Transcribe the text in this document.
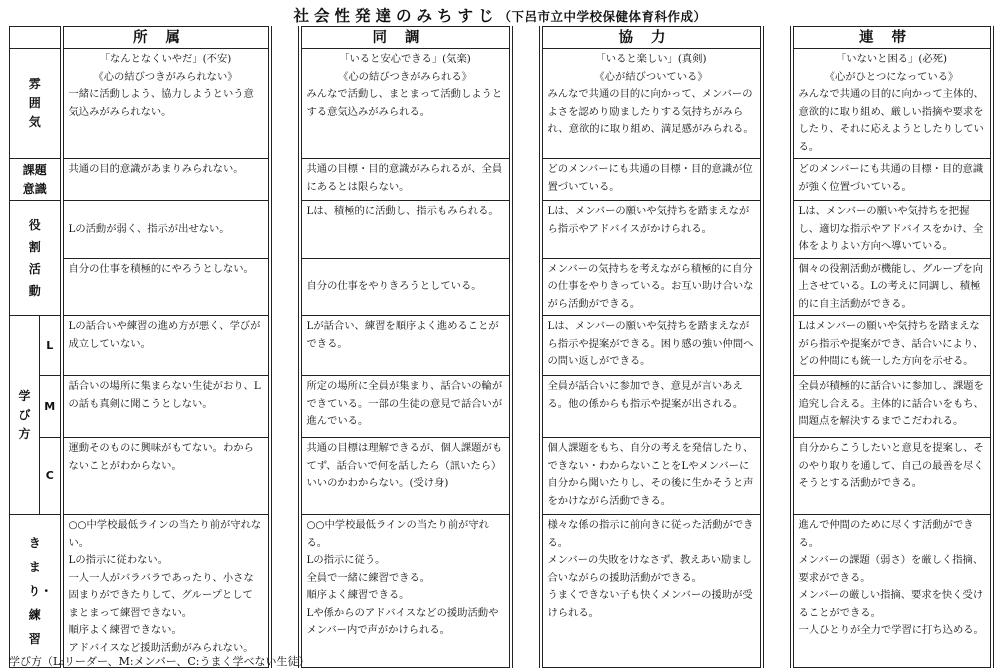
社会性発達のみちすじ（下呂市立中学校保健体育科作成）
		所属		同調		協力		連帯
雰囲気		「なんとなくいやだ」(不安)
《心の結びつきがみられない》
一緒に活動しよう、協力しようという意気込みがみられない。		「いると安心できる」(気楽)
《心の結びつきがみられる》
みんなで活動し、まとまって活動しようとする意気込みがみられる。		「いると楽しい」(真剣)
《心が結びついている》
みんなで共通の目的に向かって、メンバーのよさを認めり励ましたりする気持ちがみられ、意欲的に取り組め、満足感がみられる。		「いないと困る」(必死)
《心がひとつになっている》
みんなで共通の目的に向かって主体的、意欲的に取り組め、厳しい指摘や要求をしたり、それに応えようとしたりしている。

課題意識		共通の目的意識があまりみられない。		共通の目標・目的意識がみられるが、全員にあるとは限らない。		どのメンバーにも共通の目標・目的意識が位置づいている。		どのメンバーにも共通の目標・目的意識が強く位置づいている。
役割活動		Lの活動が弱く、指示が出せない。		Lは、積極的に活動し、指示もみられる。		Lは、メンバーの願いや気持ちを踏まえながら指示やアドバイスがかけられる。		Lは、メンバーの願いや気持ちを把握し、適切な指示やアドバイスをかけ、全体をよりよい方向へ導いている。
		自分の仕事を積極的にやろうとしない。		自分の仕事をやりきろうとしている。		メンバーの気持ちを考えながら積極的に自分の仕事をやりきっている。お互い助け合いながら活動ができる。		個々の役割活動が機能し、グループを向上させている。Lの考えに同調し、積極的に自主活動ができる。
学び方	L	Lの話合いや練習の進め方が悪く、学びが成立していない。		Lが話合い、練習を順序よく進めることができる。		Lは、メンバーの願いや気持ちを踏まえながら指示や提案ができる。困り感の強い仲間への問い返しができる。		Lはメンバーの願いや気持ちを踏まえながら指示や提案ができ、話合いにより、どの仲間にも統一した方向を示せる。
	M	話合いの場所に集まらない生徒がおり、Lの話も真剣に聞こうとしない。		所定の場所に全員が集まり、話合いの輪ができている。一部の生徒の意見で話合いが進んでいる。		全員が話合いに参加でき、意見が言いあえる。他の係からも指示や提案が出される。		全員が積極的に話合いに参加し、課題を追究し合える。主体的に話合いをもち、問題点を解決するまでこだわれる。
	C	運動そのものに興味がもてない。わからないことがわからない。		共通の目標は理解できるが、個人課題がもてず、話合いで何を話したら（訊いたら）いいのかわからない。(受け身)		個人課題をもち、自分の考えを発信したり、できない・わからないことをLやメンバーに自分から聞いたりし、その後に生かそうと声をかけながら活動できる。		自分からこうしたいと意見を提案し、そのやり取りを通して、自己の最善を尽くそうとする活動ができる。
きまり・練習		○○中学校最低ラインの当たり前が守れない。
Lの指示に従わない。
一人一人がバラバラであったり、小さな固まりができたりして、グループとしてまとまって練習できない。
順序よく練習できない。
アドバイスなど援助活動がみられない。		○○中学校最低ラインの当たり前が守れる。
Lの指示に従う。
全員で一緒に練習できる。
順序よく練習できる。
Lや係からのアドバイスなどの援助活動やメンバー内で声がかけられる。		様々な係の指示に前向きに従った活動ができる。
メンバーの失敗をけなさず、教えあい励まし合いながらの援助活動ができる。
うまくできない子も快くメンバーの援助が受けられる。		進んで仲間のために尽くす活動ができる。
メンバーの課題（弱さ）を厳しく指摘、要求ができる。
メンバーの厳しい指摘、要求を快く受けることができる。
一人ひとりが全力で学習に打ち込める。
学び方（L:リーダー、M:メンバー、C:うまく学べない生徒）
